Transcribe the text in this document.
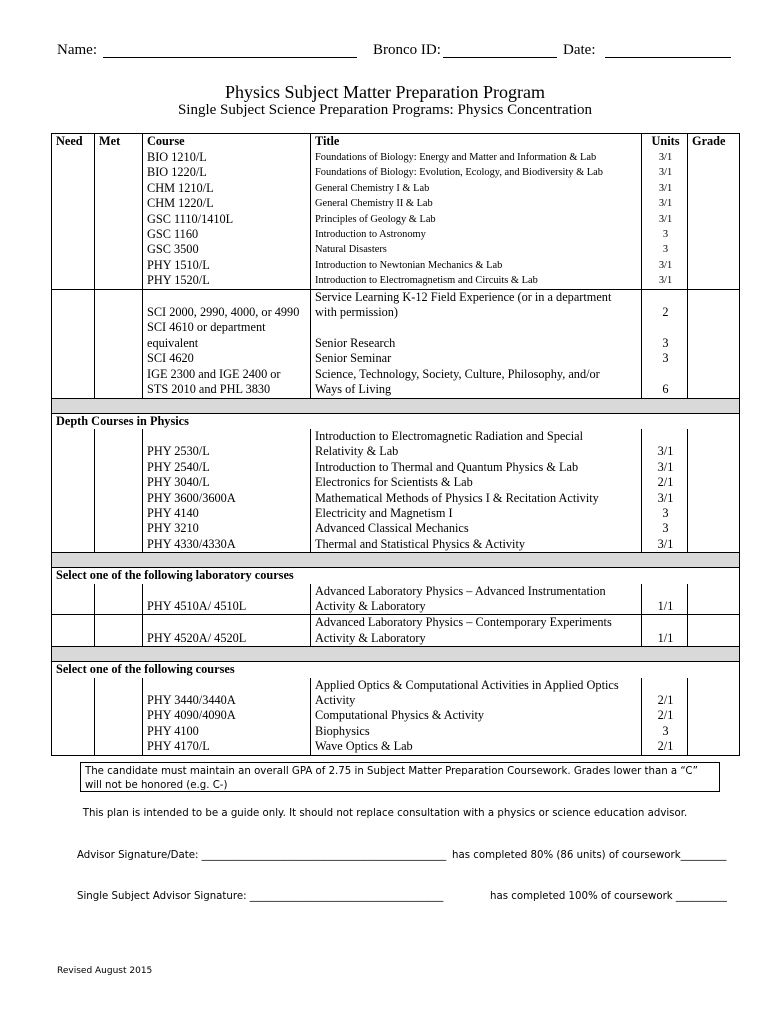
Name:	Bronco ID:	Date:
Physics Subject Matter Preparation Program
Single Subject Science Preparation Programs: Physics Concentration
Need	Met	Course	Title	Units	Grade
		BIO 1210/L	Foundations of Biology: Energy and Matter and Information & Lab	3/1	
		BIO 1220/L	Foundations of Biology: Evolution, Ecology, and Biodiversity & Lab	3/1	
		CHM 1210/L	General Chemistry I & Lab	3/1	
		CHM 1220/L	General Chemistry II & Lab	3/1	
		GSC 1110/1410L	Principles of Geology & Lab	3/1	
		GSC 1160	Introduction to Astronomy	3	
		GSC 3500	Natural Disasters	3	
		PHY 1510/L	Introduction to Newtonian Mechanics & Lab	3/1	
		PHY 1520/L	Introduction to Electromagnetism and Circuits & Lab	3/1	
		SCI 2000, 2990, 4000, or 4990	Service Learning K-12 Field Experience (or in a department
with permission)	2	
		SCI 4610 or department
equivalent	Senior Research	3	
		SCI 4620	Senior Seminar	3	
		IGE 2300 and IGE 2400 or
STS 2010 and PHL 3830	Science, Technology, Society, Culture, Philosophy, and/or
Ways of Living	6	

Depth Courses in Physics					
		PHY 2530/L	Introduction to Electromagnetic Radiation and Special
Relativity & Lab	3/1	
		PHY 2540/L	Introduction to Thermal and Quantum Physics & Lab	3/1	
		PHY 3040/L	Electronics for Scientists & Lab	2/1	
		PHY 3600/3600A	Mathematical Methods of Physics I & Recitation Activity	3/1	
		PHY 4140	Electricity and Magnetism I	3	
		PHY 3210	Advanced Classical Mechanics	3	
		PHY 4330/4330A	Thermal and Statistical Physics & Activity	3/1	

Select one of the following laboratory courses					
		PHY 4510A/ 4510L	Advanced Laboratory Physics – Advanced Instrumentation
Activity & Laboratory	1/1	
		PHY 4520A/ 4520L	Advanced Laboratory Physics – Contemporary Experiments
Activity & Laboratory	1/1	

Select one of the following courses					
		PHY 3440/3440A	Applied Optics & Computational Activities in Applied Optics
Activity	2/1	
		PHY 4090/4090A	Computational Physics & Activity	2/1	
		PHY 4100	Biophysics	3	
		PHY 4170/L	Wave Optics & Lab	2/1	
The candidate must maintain an overall GPA of 2.75 in Subject Matter Preparation Coursework. Grades lower than a “C” will not be honored (e.g. C-)
This plan is intended to be a guide only. It should not replace consultation with a physics or science education advisor.
Advisor Signature/Date: ________________________________________________ has completed 80% (86 units) of coursework_________
Single Subject Advisor Signature: ______________________________________	has completed 100% of coursework __________
Revised August 2015
